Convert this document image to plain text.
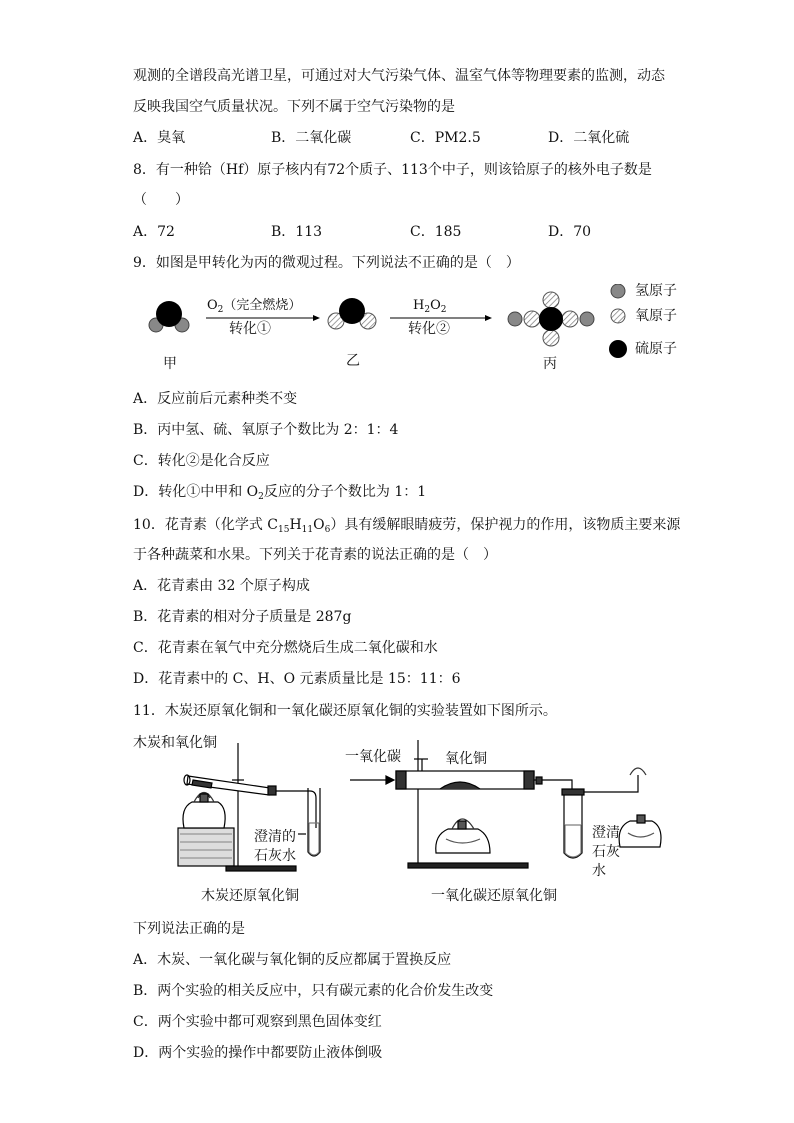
观测的全谱段高光谱卫星，可通过对大气污染气体、温室气体等物理要素的监测，动态
反映我国空气质量状况。下列不属于空气污染物的是
A．臭氧	B．二氧化碳	C．PM2.5	D．二氧化硫
8．有一种铪（Hf）原子核内有72个质子、113个中子，则该铪原子的核外电子数是
（　　）
A．72	B．113	C．185	D．70
9．如图是甲转化为丙的微观过程。下列说法不正确的是（　）
$O_2$（完全燃烧）
转化①
$H_2O_2$
转化②
甲	乙	丙
氢原子
氧原子
硫原子
A．反应前后元素种类不变
B．丙中氢、硫、氧原子个数比为 2：1：4
C．转化②是化合反应
D．转化①中甲和 $O_2$反应的分子个数比为 1：1
10．花青素（化学式 $C_{15}H_{11}O_6$）具有缓解眼睛疲劳，保护视力的作用，该物质主要来源
于各种蔬菜和水果。下列关于花青素的说法正确的是（　）
A．花青素由 32 个原子构成
B．花青素的相对分子质量是 287g
C．花青素在氧气中充分燃烧后生成二氧化碳和水
D．花青素中的 C、H、O 元素质量比是 15：11：6
11．木炭还原氧化铜和一氧化碳还原氧化铜的实验装置如下图所示。
木炭和氧化铜
澄清的
石灰水
木炭还原氧化铜
一氧化碳	氧化铜
澄清
石灰
水
一氧化碳还原氧化铜
下列说法正确的是
A．木炭、一氧化碳与氧化铜的反应都属于置换反应
B．两个实验的相关反应中，只有碳元素的化合价发生改变
C．两个实验中都可观察到黑色固体变红
D．两个实验的操作中都要防止液体倒吸
